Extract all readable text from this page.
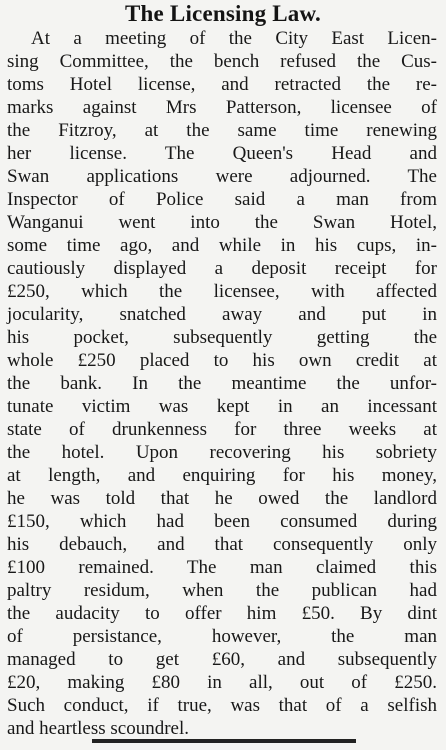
The Licensing Law.
At a meeting of the City East Licen-
sing Committee, the bench refused the Cus-
toms Hotel license, and retracted the re-
marks against Mrs Patterson, licensee of
the Fitzroy, at the same time renewing
her license. The Queen's Head and
Swan applications were adjourned. The
Inspector of Police said a man from
Wanganui went into the Swan Hotel,
some time ago, and while in his cups, in-
cautiously displayed a deposit receipt for
£250, which the licensee, with affected
jocularity, snatched away and put in
his pocket, subsequently getting the
whole £250 placed to his own credit at
the bank. In the meantime the unfor-
tunate victim was kept in an incessant
state of drunkenness for three weeks at
the hotel. Upon recovering his sobriety
at length, and enquiring for his money,
he was told that he owed the landlord
£150, which had been consumed during
his debauch, and that consequently only
£100 remained. The man claimed this
paltry residum, when the publican had
the audacity to offer him £50. By dint
of persistance, however, the man
managed to get £60, and subsequently
£20, making £80 in all, out of £250.
Such conduct, if true, was that of a selfish
and heartless scoundrel.
